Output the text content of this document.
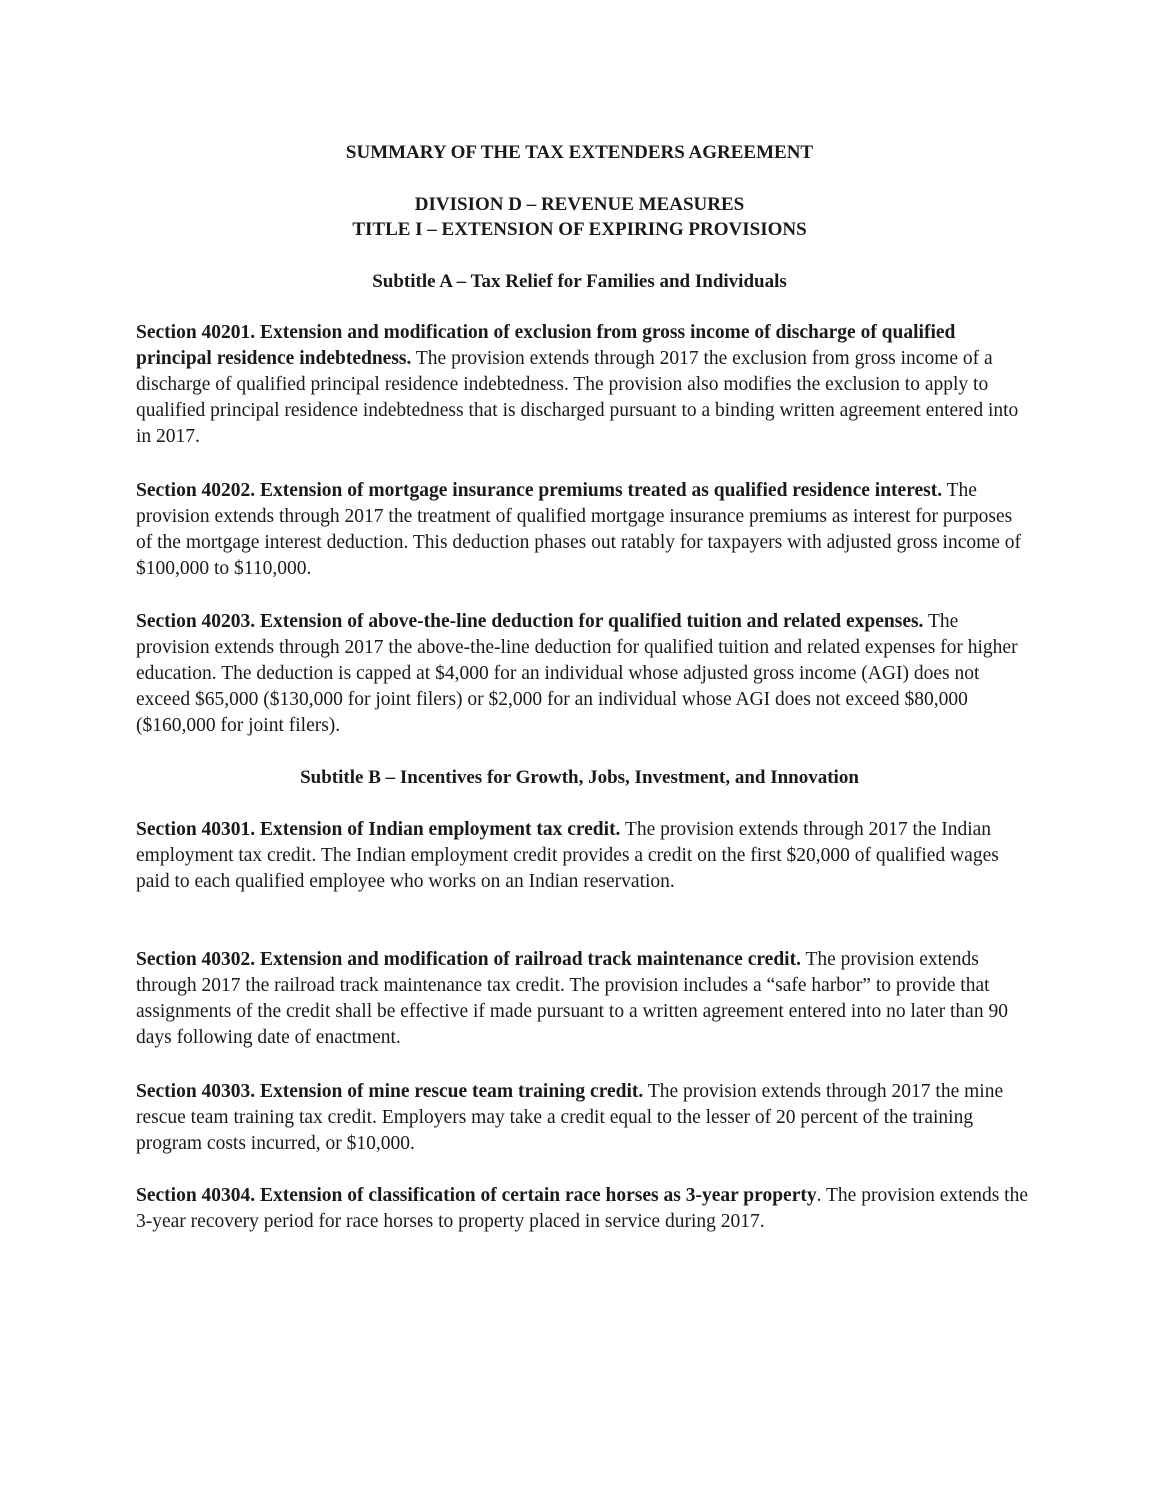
SUMMARY OF THE TAX EXTENDERS AGREEMENT
DIVISION D – REVENUE MEASURES
TITLE I – EXTENSION OF EXPIRING PROVISIONS
Subtitle A – Tax Relief for Families and Individuals

Section 40201. Extension and modification of exclusion from gross income of discharge of qualified principal residence indebtedness. The provision extends through 2017 the exclusion from gross income of a discharge of qualified principal residence indebtedness. The provision also modifies the exclusion to apply to qualified principal residence indebtedness that is discharged pursuant to a binding written agreement entered into in 2017.

Section 40202. Extension of mortgage insurance premiums treated as qualified residence interest. The provision extends through 2017 the treatment of qualified mortgage insurance premiums as interest for purposes of the mortgage interest deduction. This deduction phases out ratably for taxpayers with adjusted gross income of $100,000 to $110,000.

Section 40203. Extension of above-the-line deduction for qualified tuition and related expenses. The provision extends through 2017 the above-the-line deduction for qualified tuition and related expenses for higher education. The deduction is capped at $4,000 for an individual whose adjusted gross income (AGI) does not exceed $65,000 ($130,000 for joint filers) or $2,000 for an individual whose AGI does not exceed $80,000 ($160,000 for joint filers).

Subtitle B – Incentives for Growth, Jobs, Investment, and Innovation

Section 40301. Extension of Indian employment tax credit. The provision extends through 2017 the Indian employment tax credit. The Indian employment credit provides a credit on the first $20,000 of qualified wages paid to each qualified employee who works on an Indian reservation.

Section 40302. Extension and modification of railroad track maintenance credit. The provision extends through 2017 the railroad track maintenance tax credit. The provision includes a “safe harbor” to provide that assignments of the credit shall be effective if made pursuant to a written agreement entered into no later than 90 days following date of enactment.

Section 40303. Extension of mine rescue team training credit. The provision extends through 2017 the mine rescue team training tax credit. Employers may take a credit equal to the lesser of 20 percent of the training program costs incurred, or $10,000.

Section 40304. Extension of classification of certain race horses as 3-year property. The provision extends the 3-year recovery period for race horses to property placed in service during 2017.
